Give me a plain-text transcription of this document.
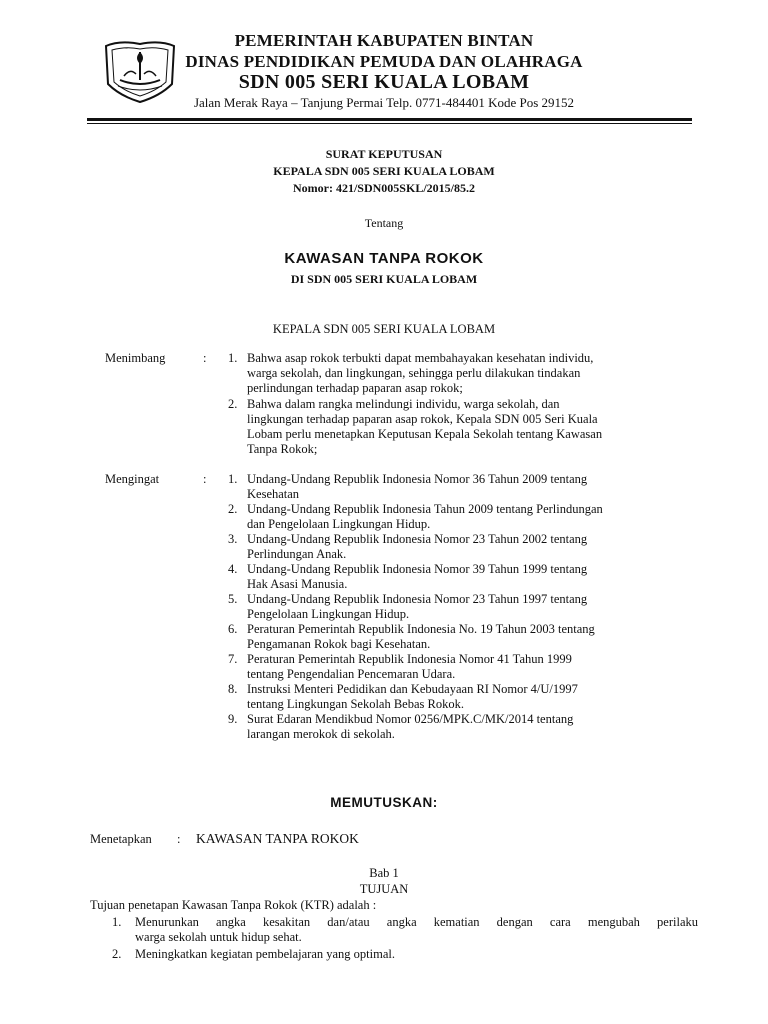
PEMERINTAH KABUPATEN BINTAN
DINAS PENDIDIKAN PEMUDA DAN OLAHRAGA
SDN 005 SERI KUALA LOBAM
Jalan Merak Raya – Tanjung Permai Telp. 0771-484401 Kode Pos 29152
SURAT KEPUTUSAN
KEPALA SDN 005 SERI KUALA LOBAM
Nomor: 421/SDN005SKL/2015/85.2
Tentang
KAWASAN TANPA ROKOK
DI SDN 005 SERI KUALA LOBAM
KEPALA SDN 005 SERI KUALA LOBAM
Menimbang	: 1. Bahwa asap rokok terbukti dapat membahayakan kesehatan individu,
warga sekolah, dan lingkungan, sehingga perlu dilakukan tindakan
perlindungan terhadap paparan asap rokok;
2. Bahwa dalam rangka melindungi individu, warga sekolah, dan
lingkungan terhadap paparan asap rokok, Kepala SDN 005 Seri Kuala
Lobam perlu menetapkan Keputusan Kepala Sekolah tentang Kawasan
Tanpa Rokok;
Mengingat	: 1. Undang-Undang Republik Indonesia Nomor 36 Tahun 2009 tentang
Kesehatan
2. Undang-Undang Republik Indonesia Tahun 2009 tentang Perlindungan
dan Pengelolaan Lingkungan Hidup.
3. Undang-Undang Republik Indonesia Nomor 23 Tahun 2002 tentang
Perlindungan Anak.
4. Undang-Undang Republik Indonesia Nomor 39 Tahun 1999 tentang
Hak Asasi Manusia.
5. Undang-Undang Republik Indonesia Nomor 23 Tahun 1997 tentang
Pengelolaan Lingkungan Hidup.
6. Peraturan Pemerintah Republik Indonesia No. 19 Tahun 2003 tentang
Pengamanan Rokok bagi Kesehatan.
7. Peraturan Pemerintah Republik Indonesia Nomor 41 Tahun 1999
tentang Pengendalian Pencemaran Udara.
8. Instruksi Menteri Pedidikan dan Kebudayaan RI Nomor 4/U/1997
tentang Lingkungan Sekolah Bebas Rokok.
9. Surat Edaran Mendikbud Nomor 0256/MPK.C/MK/2014 tentang
larangan merokok di sekolah.
MEMUTUSKAN:
Menetapkan : KAWASAN TANPA ROKOK
Bab 1
TUJUAN
Tujuan penetapan Kawasan Tanpa Rokok (KTR) adalah :
1. Menurunkan angka kesakitan dan/atau angka kematian dengan cara mengubah perilaku
warga sekolah untuk hidup sehat.
2. Meningkatkan kegiatan pembelajaran yang optimal.
